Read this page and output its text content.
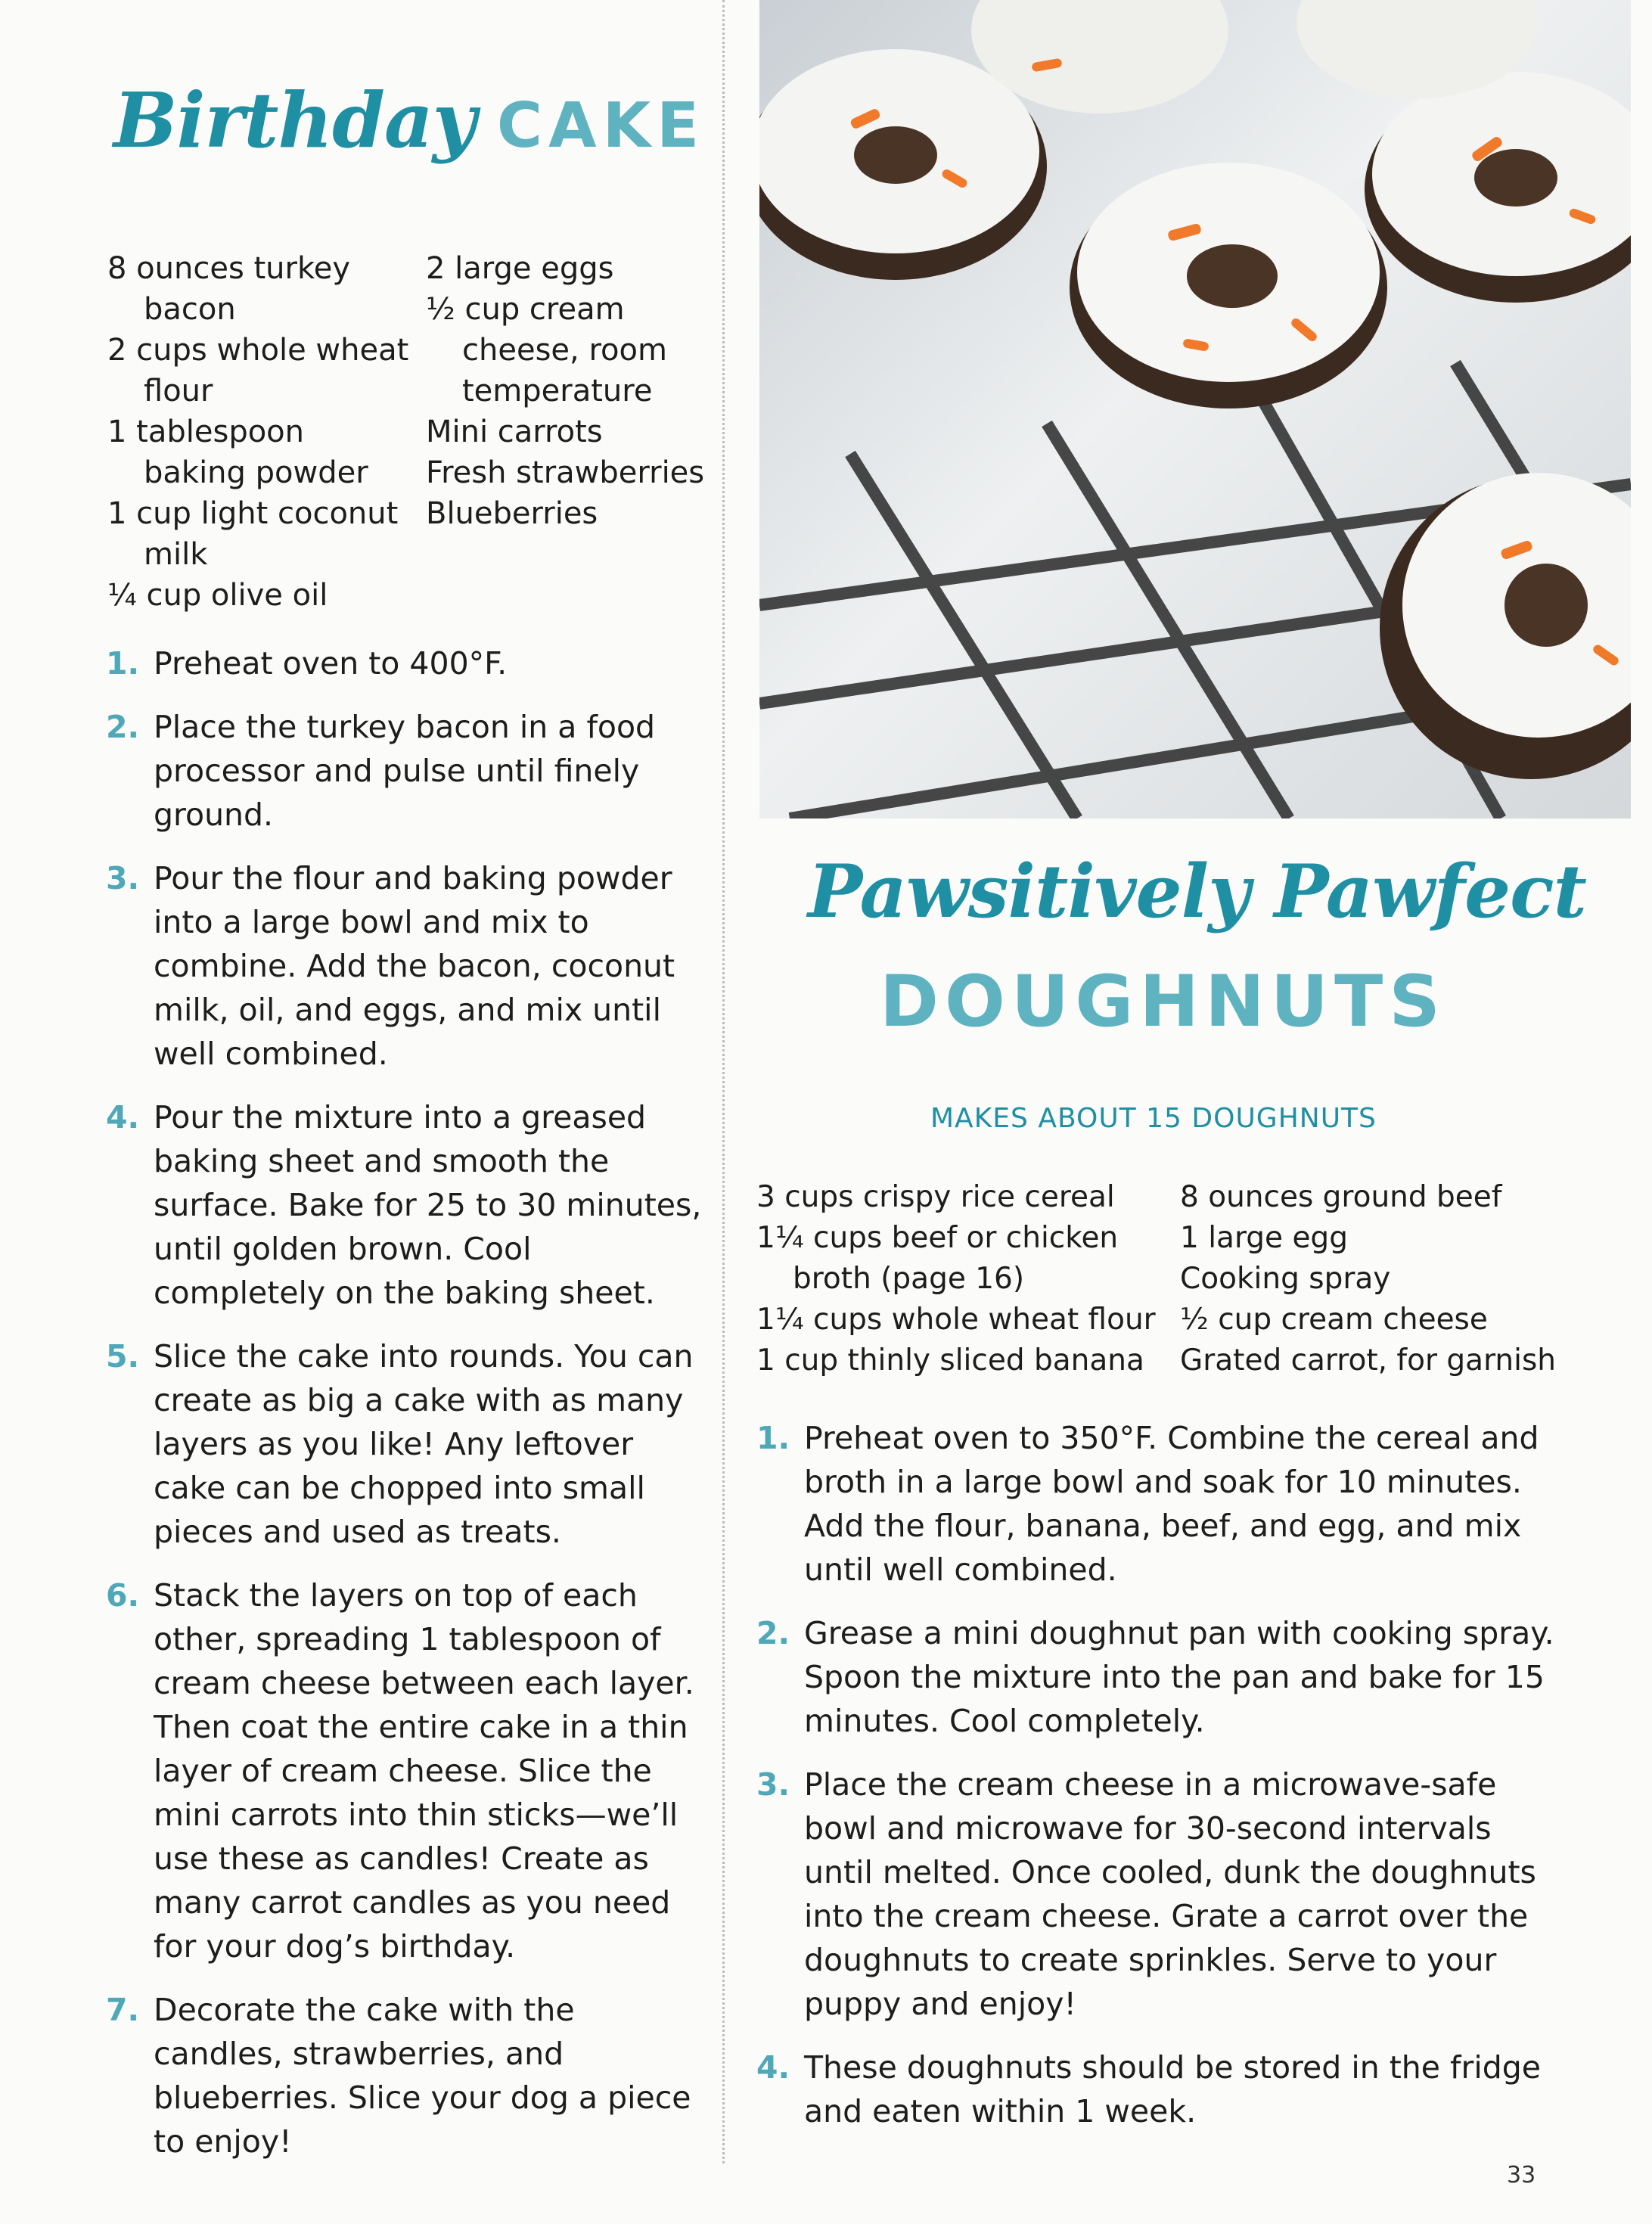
Birthday CAKE
8 ounces turkey bacon
2 cups whole wheat flour
1 tablespoon baking powder
1 cup light coconut milk
¼ cup olive oil
2 large eggs
½ cup cream cheese, room temperature
Mini carrots
Fresh strawberries
Blueberries
1. Preheat oven to 400°F.
2. Place the turkey bacon in a food processor and pulse until finely ground.
3. Pour the flour and baking powder into a large bowl and mix to combine. Add the bacon, coconut milk, oil, and eggs, and mix until well combined.
4. Pour the mixture into a greased baking sheet and smooth the surface. Bake for 25 to 30 minutes, until golden brown. Cool completely on the baking sheet.
5. Slice the cake into rounds. You can create as big a cake with as many layers as you like! Any leftover cake can be chopped into small pieces and used as treats.
6. Stack the layers on top of each other, spreading 1 tablespoon of cream cheese between each layer. Then coat the entire cake in a thin layer of cream cheese. Slice the mini carrots into thin sticks—we’ll use these as candles! Create as many carrot candles as you need for your dog’s birthday.
7. Decorate the cake with the candles, strawberries, and blueberries. Slice your dog a piece to enjoy!
Pawsitively Pawfect
DOUGHNUTS
MAKES ABOUT 15 DOUGHNUTS
3 cups crispy rice cereal
1¼ cups beef or chicken broth (page 16)
1¼ cups whole wheat flour
1 cup thinly sliced banana
8 ounces ground beef
1 large egg
Cooking spray
½ cup cream cheese
Grated carrot, for garnish
1. Preheat oven to 350°F. Combine the cereal and broth in a large bowl and soak for 10 minutes. Add the flour, banana, beef, and egg, and mix until well combined.
2. Grease a mini doughnut pan with cooking spray. Spoon the mixture into the pan and bake for 15 minutes. Cool completely.
3. Place the cream cheese in a microwave-safe bowl and microwave for 30-second intervals until melted. Once cooled, dunk the doughnuts into the cream cheese. Grate a carrot over the doughnuts to create sprinkles. Serve to your puppy and enjoy!
4. These doughnuts should be stored in the fridge and eaten within 1 week.
33
